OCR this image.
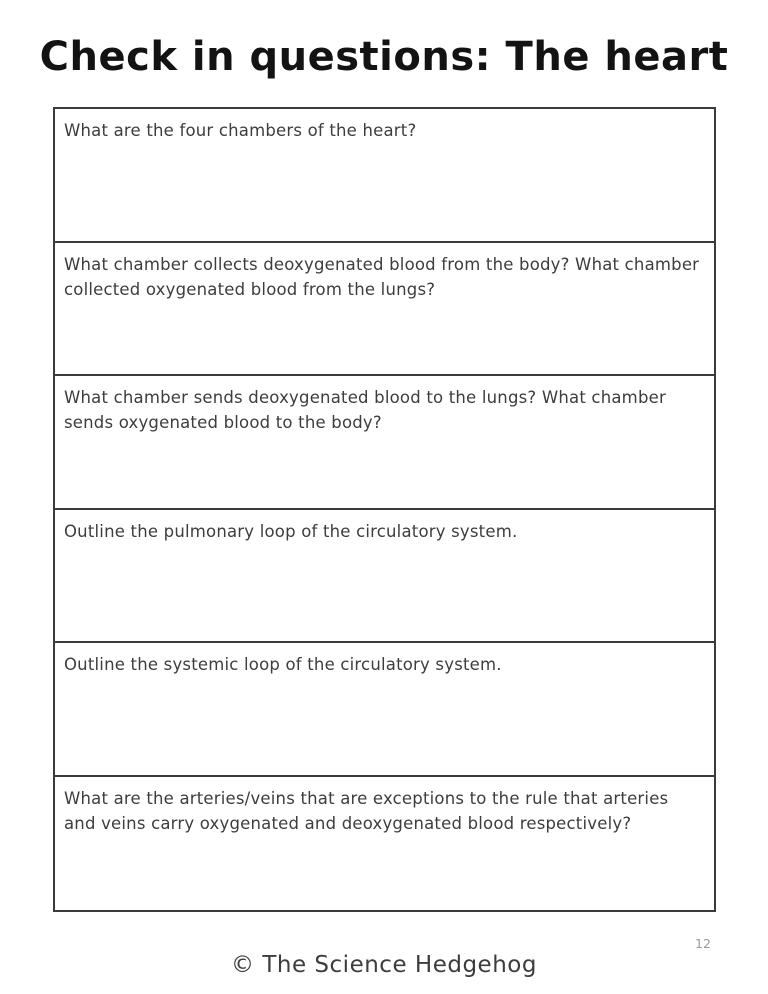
Check in questions: The heart
What are the four chambers of the heart?
What chamber collects deoxygenated blood from the body? What chamber collected oxygenated blood from the lungs?
What chamber sends deoxygenated blood to the lungs? What chamber sends oxygenated blood to the body?
Outline the pulmonary loop of the circulatory system.
Outline the systemic loop of the circulatory system.
What are the arteries/veins that are exceptions to the rule that arteries and veins carry oxygenated and deoxygenated blood respectively?
12
© The Science Hedgehog
